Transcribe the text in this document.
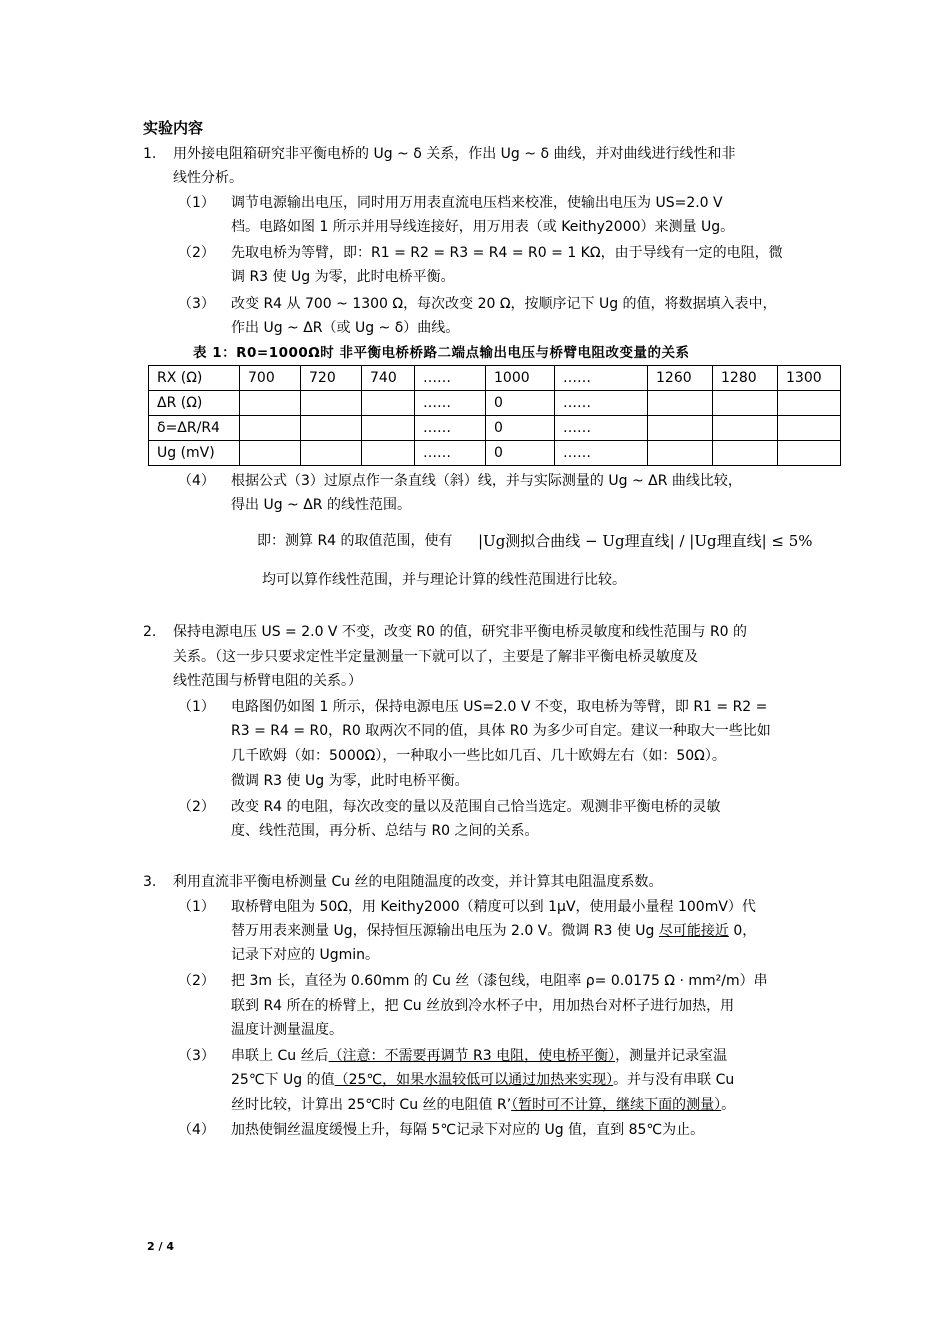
实验内容
1. 用外接电阻箱研究非平衡电桥的 Ug ~ δ 关系，作出 Ug ~ δ 曲线，并对曲线进行线性和非
线性分析。
（1） 调节电源输出电压，同时用万用表直流电压档来校准，使输出电压为 US=2.0 V
档。电路如图 1 所示并用导线连接好，用万用表（或 Keithy2000）来测量 Ug。
（2） 先取电桥为等臂，即：R1 = R2 = R3 = R4 = R0 = 1 KΩ，由于导线有一定的电阻，微
调 R3 使 Ug 为零，此时电桥平衡。
（3） 改变 R4 从 700 ~ 1300 Ω，每次改变 20 Ω，按顺序记下 Ug 的值，将数据填入表中，
作出 Ug ~ ΔR（或 Ug ~ δ）曲线。
表 1：R0=1000Ω时 非平衡电桥桥路二端点输出电压与桥臂电阻改变量的关系
RX (Ω)	700	720	740	……	1000	……	1260	1280	1300
ΔR (Ω)				……	0	……			
δ=ΔR/R4				……	0	……			
Ug (mV)				……	0	……			
（4） 根据公式（3）过原点作一条直线（斜）线，并与实际测量的 Ug ~ ΔR 曲线比较，
得出 Ug ~ ΔR 的线性范围。
即：测算 R4 的取值范围，使有 |Ug测拟合曲线 − Ug理直线| / |Ug理直线| ≤ 5%
均可以算作线性范围，并与理论计算的线性范围进行比较。
2. 保持电源电压 US = 2.0 V 不变，改变 R0 的值，研究非平衡电桥灵敏度和线性范围与 R0 的
关系。（这一步只要求定性半定量测量一下就可以了，主要是了解非平衡电桥灵敏度及
线性范围与桥臂电阻的关系。）
（1） 电路图仍如图 1 所示，保持电源电压 US=2.0 V 不变，取电桥为等臂，即 R1 = R2 =
R3 = R4 = R0，R0 取两次不同的值，具体 R0 为多少可自定。建议一种取大一些比如
几千欧姆（如：5000Ω），一种取小一些比如几百、几十欧姆左右（如：50Ω）。
微调 R3 使 Ug 为零，此时电桥平衡。
（2） 改变 R4 的电阻，每次改变的量以及范围自己恰当选定。观测非平衡电桥的灵敏
度、线性范围，再分析、总结与 R0 之间的关系。
3. 利用直流非平衡电桥测量 Cu 丝的电阻随温度的改变，并计算其电阻温度系数。
（1） 取桥臂电阻为 50Ω，用 Keithy2000（精度可以到 1μV，使用最小量程 100mV）代
替万用表来测量 Ug，保持恒压源输出电压为 2.0 V。微调 R3 使 Ug 尽可能接近 0，
记录下对应的 Ugmin。
（2） 把 3m 长，直径为 0.60mm 的 Cu 丝（漆包线，电阻率 ρ= 0.0175 Ω · mm²/m）串
联到 R4 所在的桥臂上，把 Cu 丝放到冷水杯子中，用加热台对杯子进行加热，用
温度计测量温度。
（3） 串联上 Cu 丝后（注意：不需要再调节 R3 电阻，使电桥平衡），测量并记录室温
25℃下 Ug 的值（25℃，如果水温较低可以通过加热来实现）。并与没有串联 Cu
丝时比较，计算出 25℃时 Cu 丝的电阻值 R’（暂时可不计算，继续下面的测量）。
（4） 加热使铜丝温度缓慢上升，每隔 5℃记录下对应的 Ug 值，直到 85℃为止。
2 / 4
